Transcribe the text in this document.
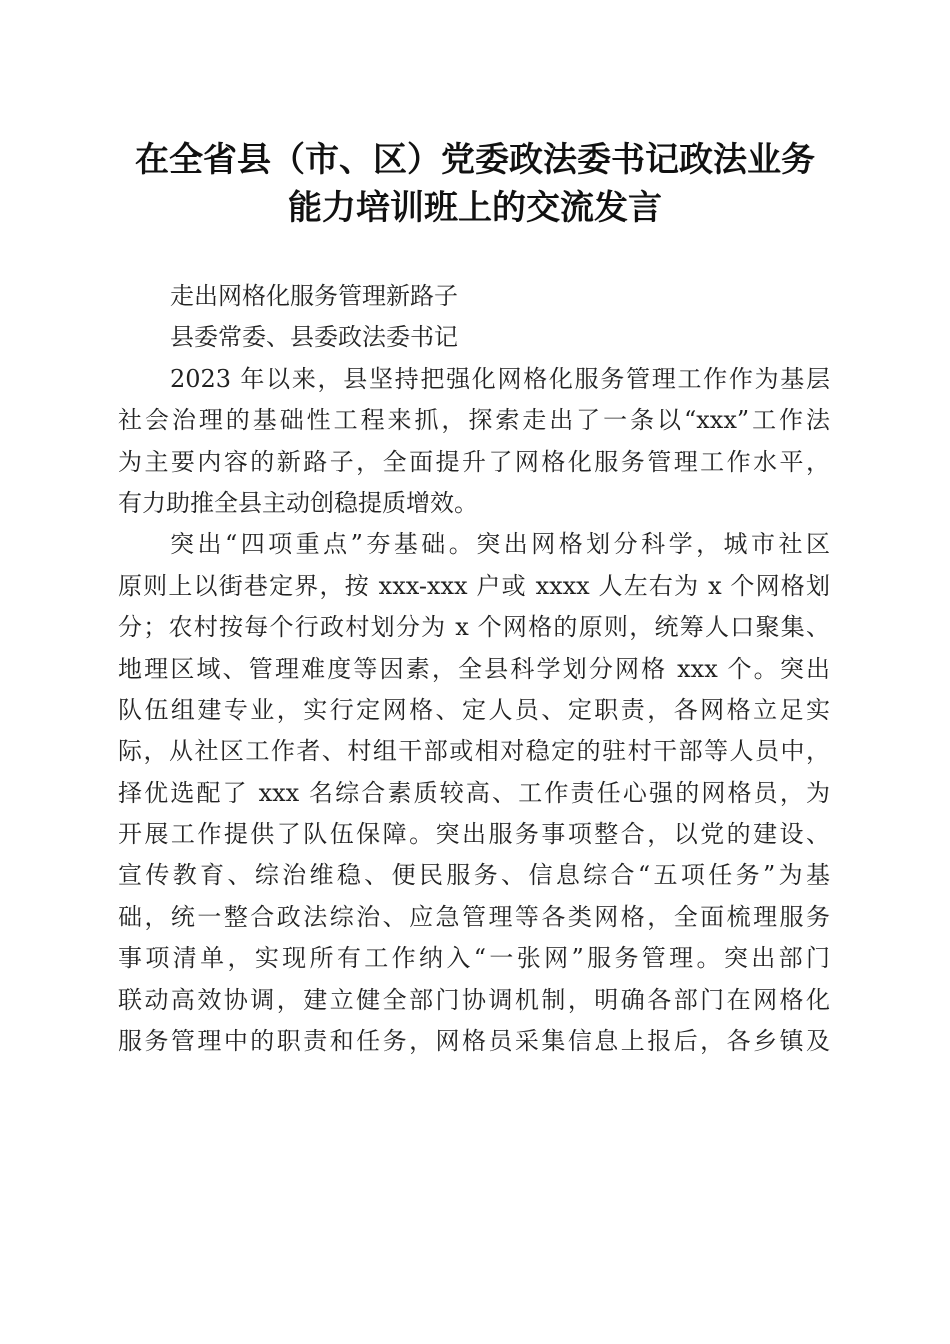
在全省县（市、区）党委政法委书记政法业务
能力培训班上的交流发言

走出网格化服务管理新路子

县委常委、县委政法委书记

2023 年以来，县坚持把强化网格化服务管理工作作为基层
社会治理的基础性工程来抓，探索走出了一条以“xxx”工作法
为主要内容的新路子，全面提升了网格化服务管理工作水平，
有力助推全县主动创稳提质增效。

突出“四项重点”夯基础。突出网格划分科学，城市社区
原则上以街巷定界，按 xxx-xxx 户或 xxxx 人左右为 x 个网格划
分；农村按每个行政村划分为 x 个网格的原则，统筹人口聚集、
地理区域、管理难度等因素，全县科学划分网格 xxx 个。突出
队伍组建专业，实行定网格、定人员、定职责，各网格立足实
际，从社区工作者、村组干部或相对稳定的驻村干部等人员中，
择优选配了 xxx 名综合素质较高、工作责任心强的网格员，为
开展工作提供了队伍保障。突出服务事项整合，以党的建设、
宣传教育、综治维稳、便民服务、信息综合“五项任务”为基
础，统一整合政法综治、应急管理等各类网格，全面梳理服务
事项清单，实现所有工作纳入“一张网”服务管理。突出部门
联动高效协调，建立健全部门协调机制，明确各部门在网格化
服务管理中的职责和任务，网格员采集信息上报后，各乡镇及
